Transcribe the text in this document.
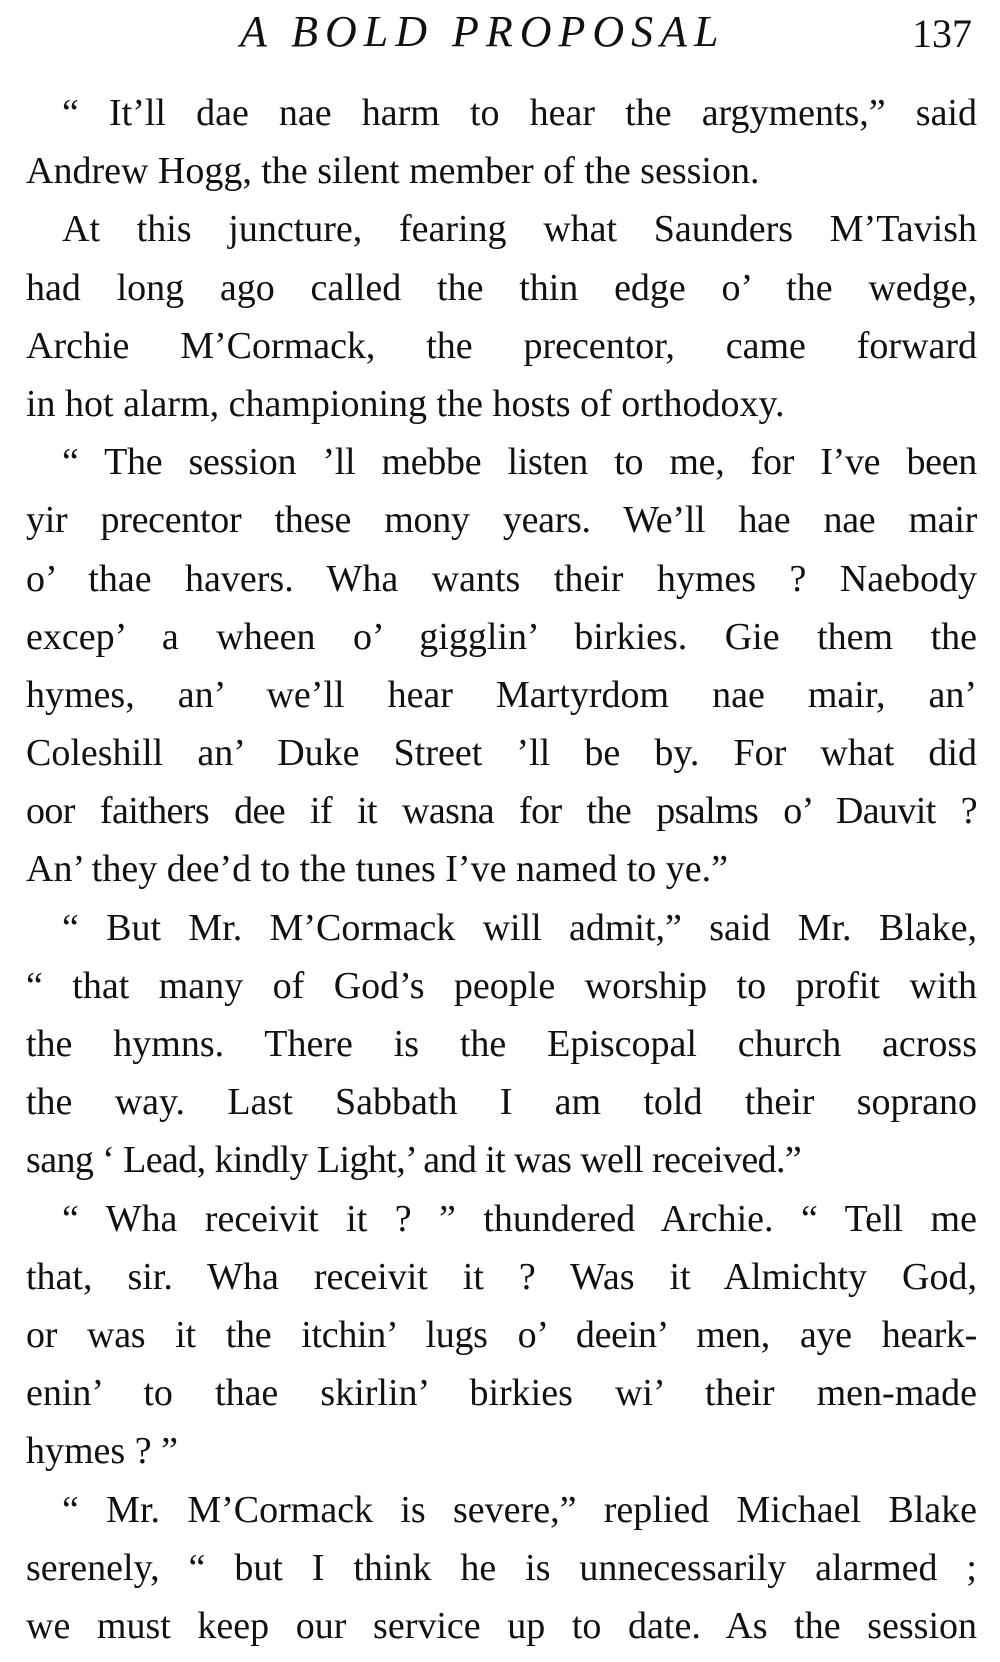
A BOLD PROPOSAL	137
“ It’ll dae nae harm to hear the argyments,” said
Andrew Hogg, the silent member of the session.
At this juncture, fearing what Saunders M’Tavish
had long ago called the thin edge o’ the wedge,
Archie M’Cormack, the precentor, came forward
in hot alarm, championing the hosts of orthodoxy.
“ The session ’ll mebbe listen to me, for I’ve been
yir precentor these mony years. We’ll hae nae mair
o’ thae havers. Wha wants their hymes ? Naebody
excep’ a wheen o’ gigglin’ birkies. Gie them the
hymes, an’ we’ll hear Martyrdom nae mair, an’
Coleshill an’ Duke Street ’ll be by. For what did
oor faithers dee if it wasna for the psalms o’ Dauvit ?
An’ they dee’d to the tunes I’ve named to ye.”
“ But Mr. M’Cormack will admit,” said Mr. Blake,
“ that many of God’s people worship to profit with
the hymns. There is the Episcopal church across
the way. Last Sabbath I am told their soprano
sang ‘ Lead, kindly Light,’ and it was well received.”
“ Wha receivit it ? ” thundered Archie. “ Tell me
that, sir. Wha receivit it ? Was it Almichty God,
or was it the itchin’ lugs o’ deein’ men, aye heark-
enin’ to thae skirlin’ birkies wi’ their men-made
hymes ? ”
“ Mr. M’Cormack is severe,” replied Michael Blake
serenely, “ but I think he is unnecessarily alarmed ;
we must keep our service up to date. As the session
